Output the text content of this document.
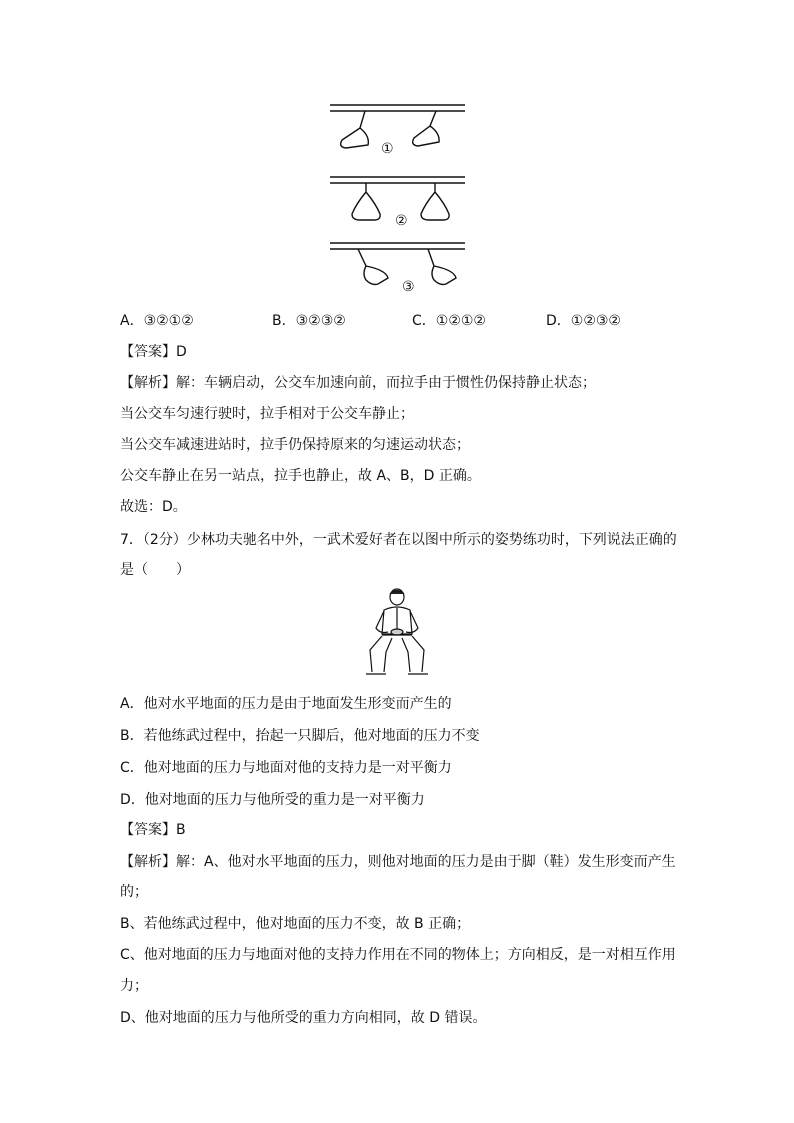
①
②
③
A．③②①②	B．③②③②	C．①②①②	D．①②③②
【答案】D
【解析】解：车辆启动，公交车加速向前，而拉手由于惯性仍保持静止状态；
当公交车匀速行驶时，拉手相对于公交车静止；
当公交车减速进站时，拉手仍保持原来的匀速运动状态；
公交车静止在另一站点，拉手也静止，故 A、B，D 正确。
故选：D。
7．（2分）少林功夫驰名中外，一武术爱好者在以图中所示的姿势练功时，下列说法正确的
是（　　）
A．他对水平地面的压力是由于地面发生形变而产生的
B．若他练武过程中，抬起一只脚后，他对地面的压力不变
C．他对地面的压力与地面对他的支持力是一对平衡力
D．他对地面的压力与他所受的重力是一对平衡力
【答案】B
【解析】解：A、他对水平地面的压力，则他对地面的压力是由于脚（鞋）发生形变而产生
的；
B、若他练武过程中，他对地面的压力不变，故 B 正确；
C、他对地面的压力与地面对他的支持力作用在不同的物体上；方向相反，是一对相互作用
力；
D、他对地面的压力与他所受的重力方向相同，故 D 错误。
